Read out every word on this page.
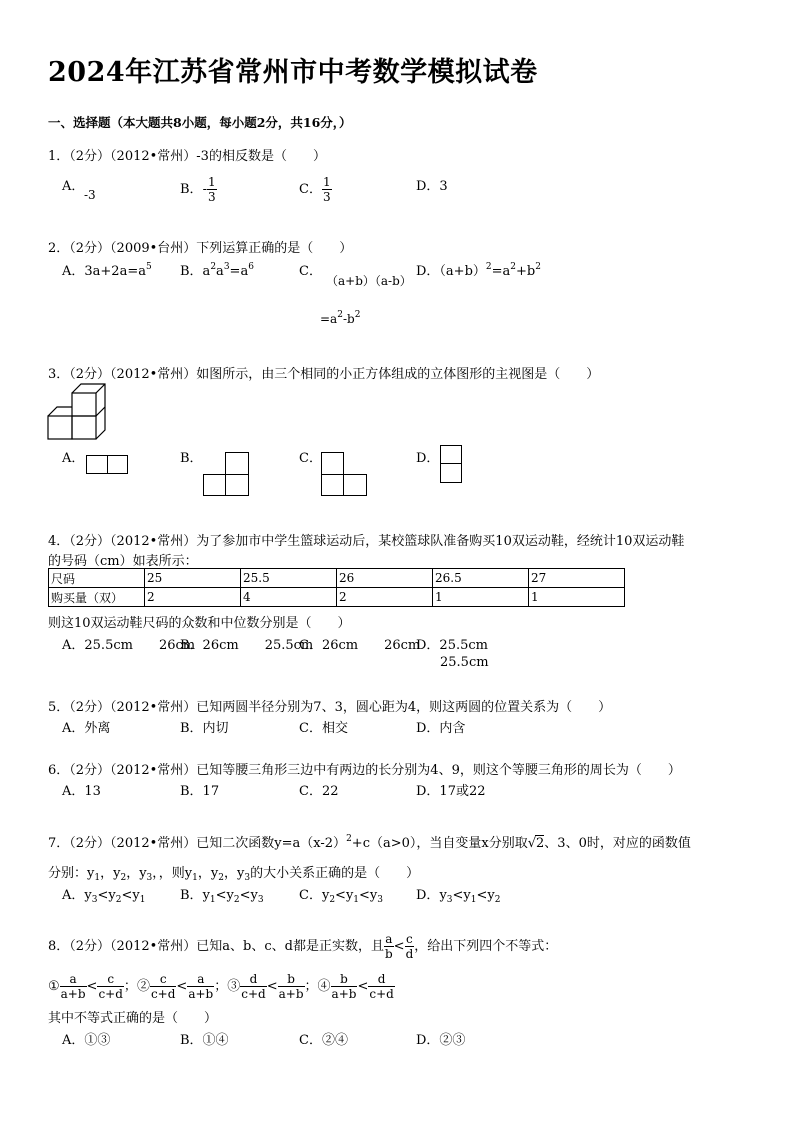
2024年江苏省常州市中考数学模拟试卷
一、选择题（本大题共8小题，每小题2分，共16分，）
1．（2分）（2012•常州）-3的相反数是（　　）
A．
-3	B．- $\frac{1}{3}$	C． $\frac{1}{3}$	D．3
2．（2分）（2009•台州）下列运算正确的是（　　）
A．$3a+2a=a^5$ B．$a^2a^3=a^6$	C．
（a+b）（a-b）
$=a^2-b^2$
D．$(a+b)^2=a^2+b^2$
3．（2分）（2012•常州）如图所示，由三个相同的小正方体组成的立体图形的主视图是（　　）
A．	B．	C．	D．
4．（2分）（2012•常州）为了参加市中学生篮球运动后，某校篮球队准备购买10双运动鞋，经统计10双运动鞋
的号码（cm）如表所示：
尺码	25	25.5	26	26.5	27
购买量（双）	2	4	2	1	1
则这10双运动鞋尺码的众数和中位数分别是（　　）
A．25.5cm　　26cm
B．26cm　　25.5cm
C．26cm　　26cm
D．25.5cm
25.5cm
5．（2分）（2012•常州）已知两圆半径分别为7、3，圆心距为4，则这两圆的位置关系为（　　）
A．外离	B．内切	C．相交	D．内含
6．（2分）（2012•常州）已知等腰三角形三边中有两边的长分别为4、9，则这个等腰三角形的周长为（　　）
A．13	B．17	C．22	D．17或22
7．（2分）（2012•常州）已知二次函数$y=a(x-2)^2+c(a>0)$，当自变量x分别取√2、3、0时，对应的函数值
分别：$y_1$，$y_2$，$y_3$，，则$y_1$，$y_2$，$y_3$的大小关系正确的是（　　）
A．$y_3<y_2<y_1$	B．$y_1<y_2<y_3$	C．$y_2<y_1<y_3$	D．$y_3<y_1<y_2$
8．（2分）（2012•常州）已知a、b、c、d都是正实数，且 $\frac{a}{b} < \frac{c}{d}$ ，给出下列四个不等式：
① $\frac{a}{a+b} < \frac{c}{c+d}$ ；② $\frac{c}{c+d} < \frac{a}{a+b}$ ；③ $\frac{d}{c+d} < \frac{b}{a+b}$ ；④ $\frac{b}{a+b} < \frac{d}{c+d}$
其中不等式正确的是（　　）
A．①③	B．①④	C．②④	D．②③
